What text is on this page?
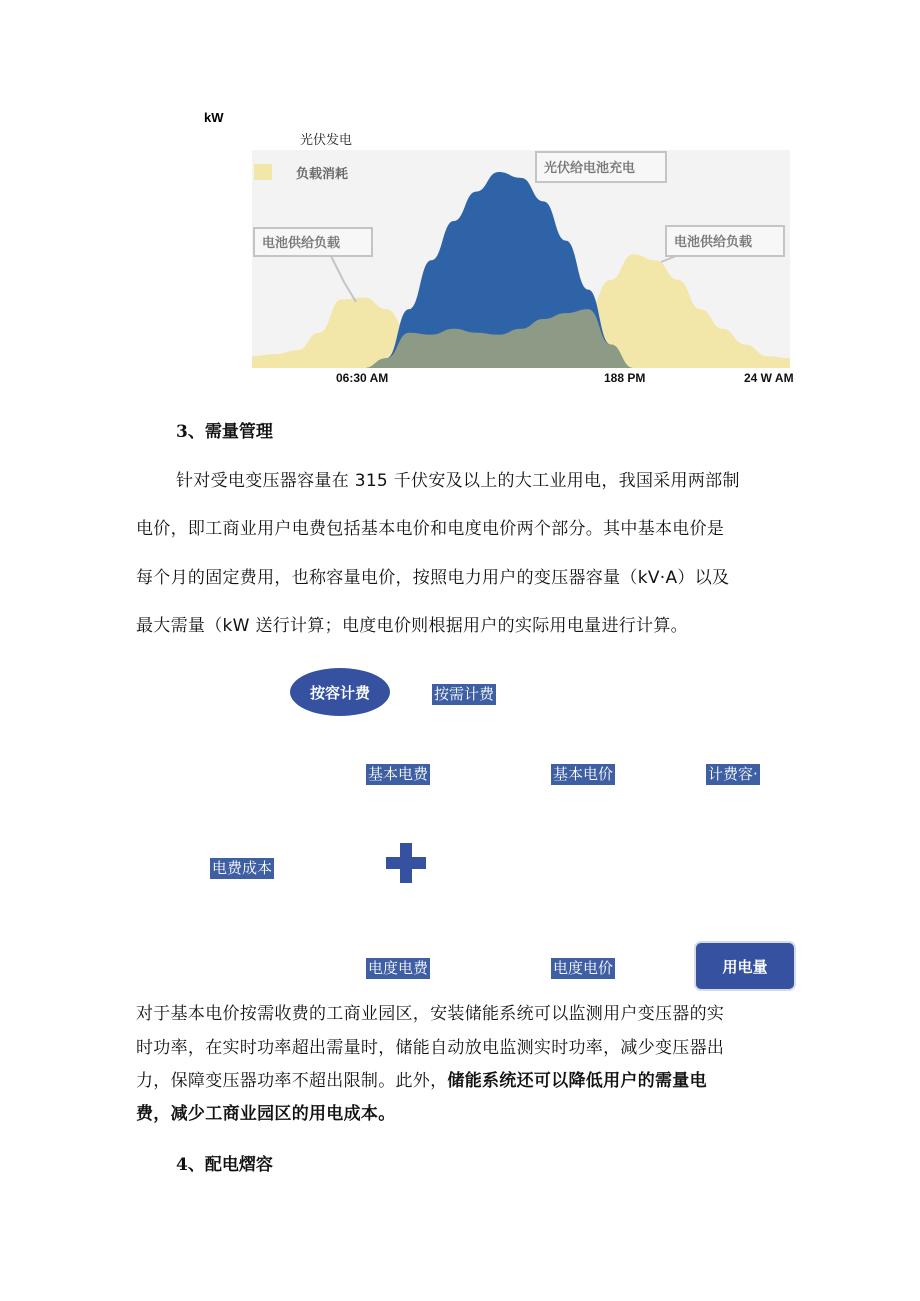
kW
光伏发电
负载消耗
电池供给负载
光伏给电池充电
电池供给负载
06:30 AM	188 PM	24 W AM
3、需量管理
针对受电变压器容量在 315 千伏安及以上的大工业用电，我国采用两部制
电价，即工商业用户电费包括基本电价和电度电价两个部分。其中基本电价是
每个月的固定费用，也称容量电价，按照电力用户的变压器容量（kV·A）以及
最大需量（kW 送行计算；电度电价则根据用户的实际用电量进行计算。
按容计费	按需计费
基本电费	基本电价	计费容·
电费成本
电度电费	电度电价	用电量
对于基本电价按需收费的工商业园区，安装储能系统可以监测用户变压器的实
时功率，在实时功率超出需量时，储能自动放电监测实时功率，减少变压器出
力，保障变压器功率不超出限制。此外，储能系统还可以降低用户的需量电
费，减少工商业园区的用电成本。
4、配电熠容
